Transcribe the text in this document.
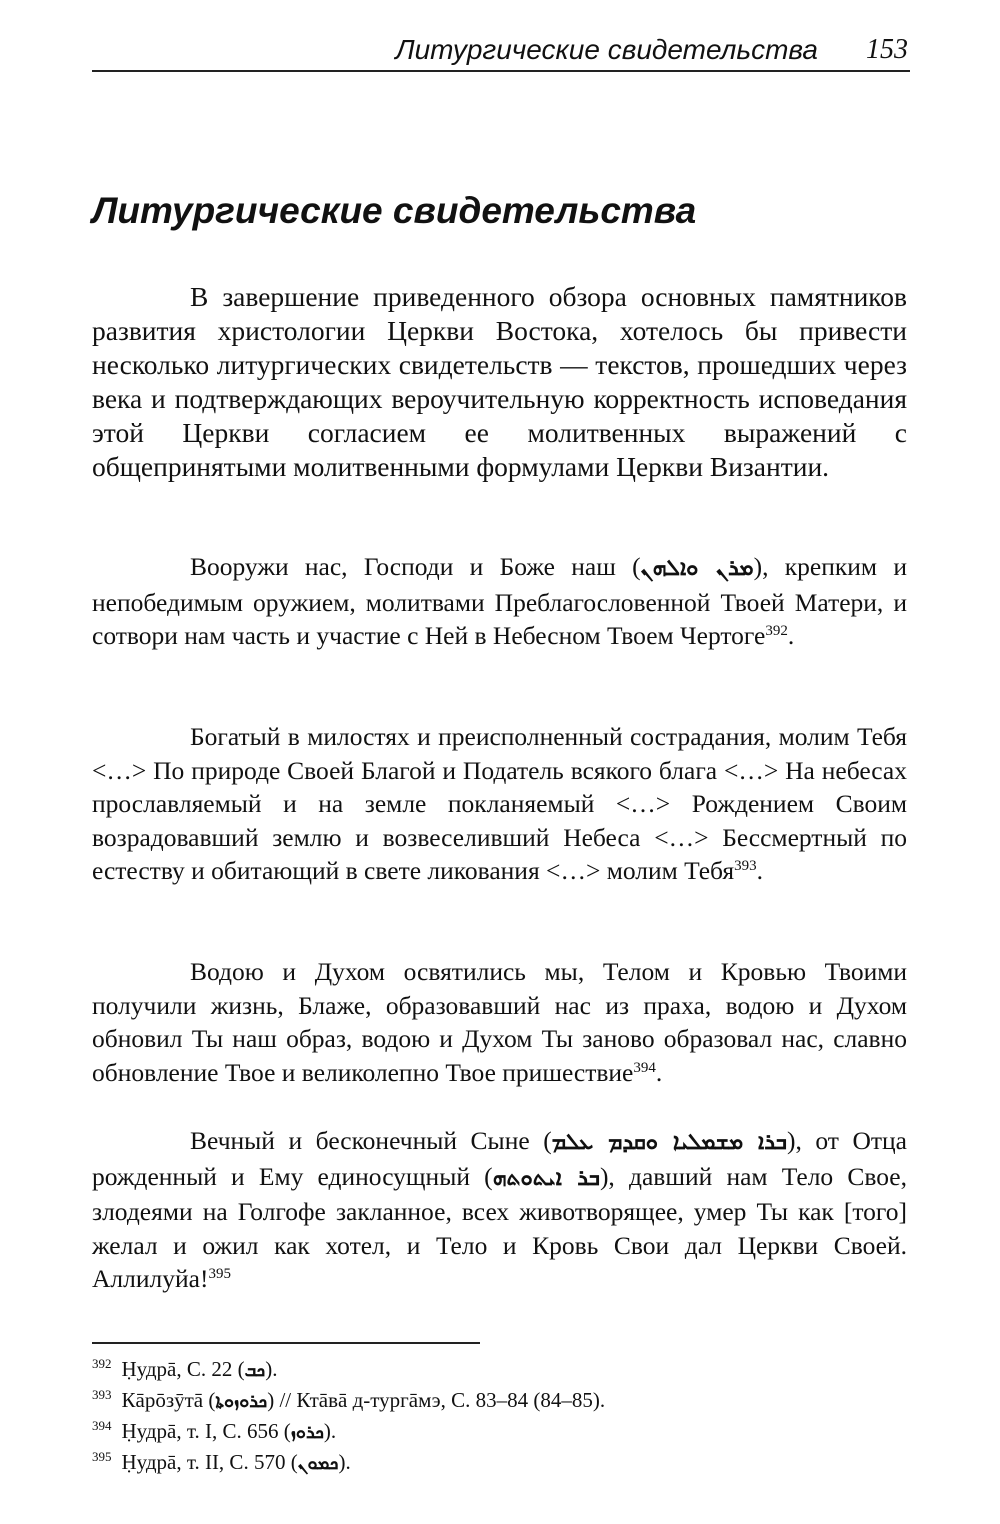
Литургические свидетельства 153
Литургические свидетельства

В завершение приведенного обзора основных памятников развития христологии Церкви Востока, хотелось бы привести несколько литургических свидетельств — текстов, прошедших через века и подтверждающих вероучительную корректность исповедания этой Церкви согласием ее молитвенных выражений с общепринятыми молитвенными формулами Церкви Византии.

Вооружи нас, Господи и Боже наш (ܡܪܢ ܘܐܠܗܢ), крепким и непобедимым оружием, молитвами Преблагословенной Твоей Матери, и сотвори нам часть и участие с Ней в Небесном Твоем Чертоге$^{392}$.

Богатый в милостях и преисполненный сострадания, молим Тебя <…> По природе Своей Благой и Податель всякого блага <…> На небесах прославляемый и на земле покланяемый <…> Рождением Своим возрадовавший землю и возвеселивший Небеса <…> Бессмертный по естеству и обитающий в свете ликования <…> молим Тебя$^{393}$.

Водою и Духом освятились мы, Телом и Кровью Твоими получили жизнь, Блаже, образовавший нас из праха, водою и Духом обновил Ты наш образ, водою и Духом Ты заново образовал нас, славно обновление Твое и великолепно Твое пришествие$^{394}$.

Вечный и бесконечный Сыне (ܒܪܐ ܡܫܡܠܝܐ ܘܩܕܡ ܥܠܡ), от Отца рожденный и Ему единосущный (ܒܪ ܐܝܬܘܬܗ), давший нам Тело Свое, злодеями на Голгофе закланное, всех животворящее, умер Ты как [того] желал и ожил как хотел, и Тело и Кровь Свои дал Церкви Своей. Аллилуйа!$^{395}$

$^{392}$ Ḥудрā, С. 22 (ܟܒ).
$^{393}$ Кāрōзӯтā (ܟܪܘܙܘܬܐ) // Ктāвā д-тургāмэ, С. 83–84 (84–85).
$^{394}$ Ḥудрā, т. I, С. 656 (ܟܪܘܙ).
$^{395}$ Ḥудрā, т. II, С. 570 (ܟܡܘܢ).
